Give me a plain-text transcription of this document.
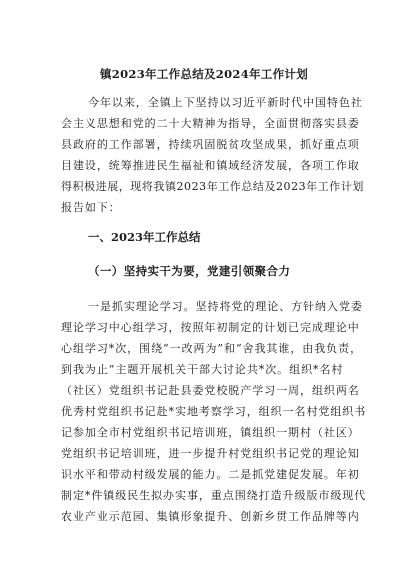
镇2023年工作总结及2024年工作计划
今年以来，全镇上下坚持以习近平新时代中国特色社
会主义思想和党的二十大精神为指导，全面贯彻落实县委
县政府的工作部署，持续巩固脱贫攻坚成果，抓好重点项
目建设，统筹推进民生福祉和镇域经济发展，各项工作取
得积极进展，现将我镇2023年工作总结及2023年工作计划
报告如下：
一、2023年工作总结
（一）坚持实干为要，党建引领聚合力
一是抓实理论学习。坚持将党的理论、方针纳入党委
理论学习中心组学习，按照年初制定的计划已完成理论中
心组学习*次，围绕“一改两为”和“舍我其谁，由我负责，
到我为止”主题开展机关干部大讨论共*次。组织*名村
（社区）党组织书记赴县委党校脱产学习一周，组织两名
优秀村党组织书记赴*实地考察学习，组织一名村党组织书
记参加全市村党组织书记培训班，镇组织一期村（社区）
党组织书记培训班，进一步提升村党组织书记党的理论知
识水平和带动村级发展的能力。二是抓党建促发展。年初
制定*件镇级民生拟办实事，重点围绕打造升级版市级现代
农业产业示范园、集镇形象提升、创新乡贯工作品牌等内
